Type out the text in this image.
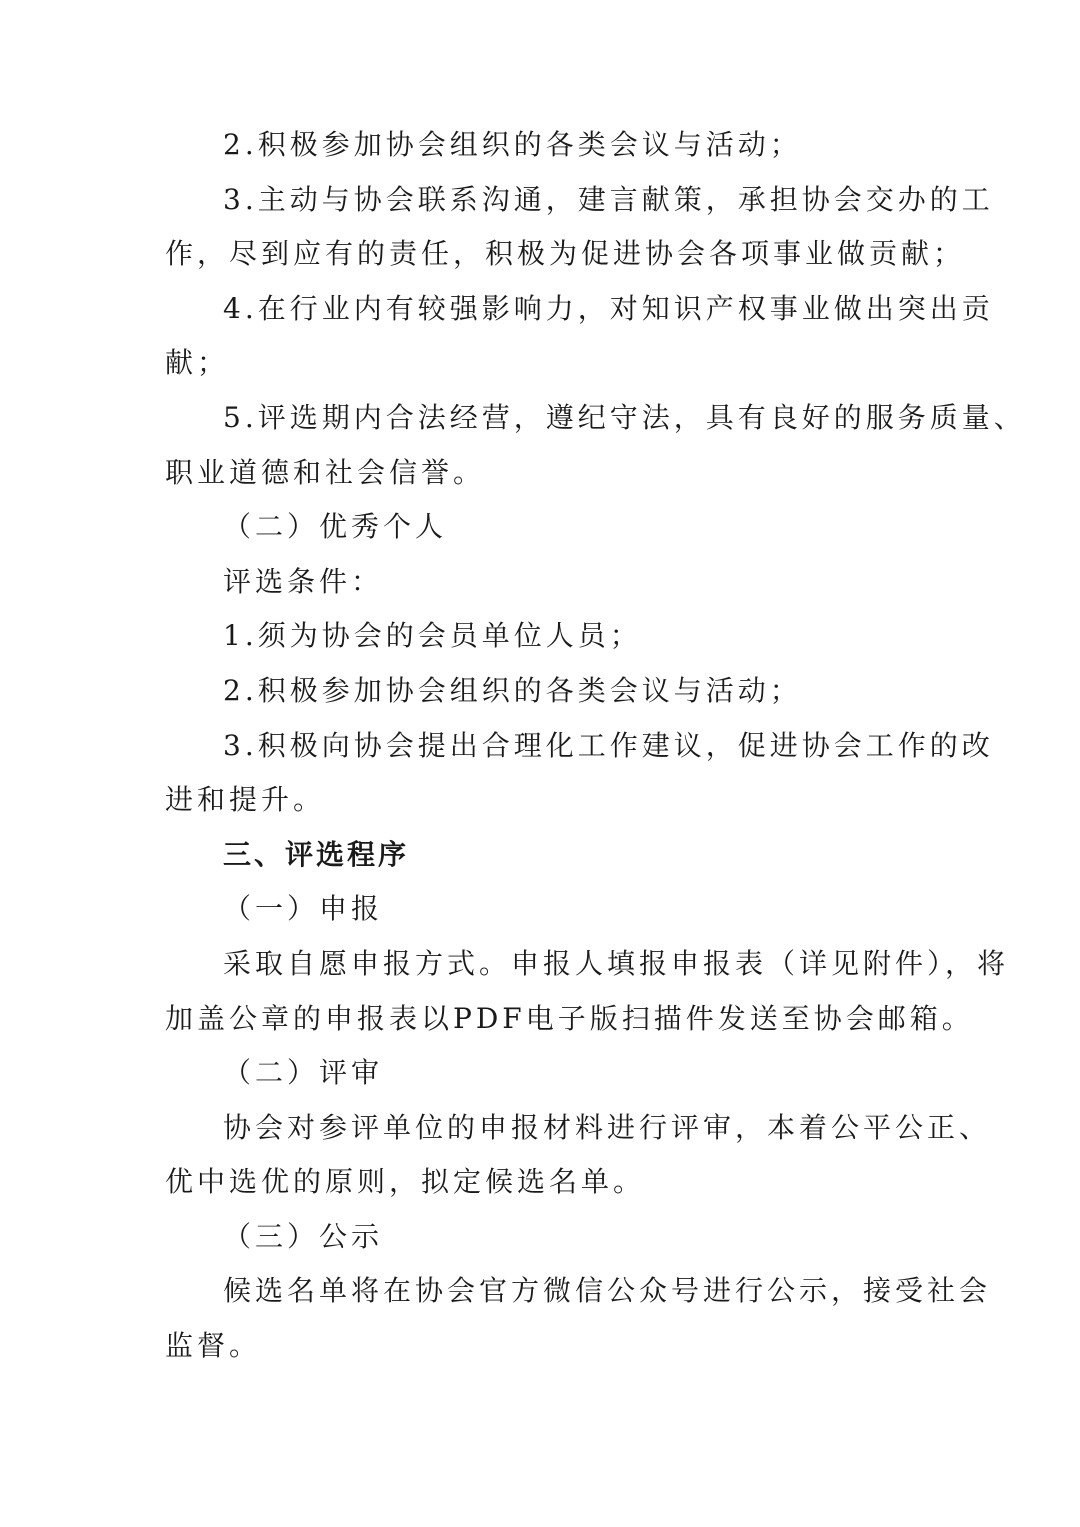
2.积极参加协会组织的各类会议与活动；

3.主动与协会联系沟通，建言献策，承担协会交办的工

作，尽到应有的责任，积极为促进协会各项事业做贡献；

4.在行业内有较强影响力，对知识产权事业做出突出贡

献；

5.评选期内合法经营，遵纪守法，具有良好的服务质量、

职业道德和社会信誉。

（二）优秀个人

评选条件：

1.须为协会的会员单位人员；

2.积极参加协会组织的各类会议与活动；

3.积极向协会提出合理化工作建议，促进协会工作的改

进和提升。

三、评选程序

（一）申报

采取自愿申报方式。申报人填报申报表（详见附件），将

加盖公章的申报表以PDF电子版扫描件发送至协会邮箱。

（二）评审

协会对参评单位的申报材料进行评审，本着公平公正、

优中选优的原则，拟定候选名单。

（三）公示

候选名单将在协会官方微信公众号进行公示，接受社会

监督。
